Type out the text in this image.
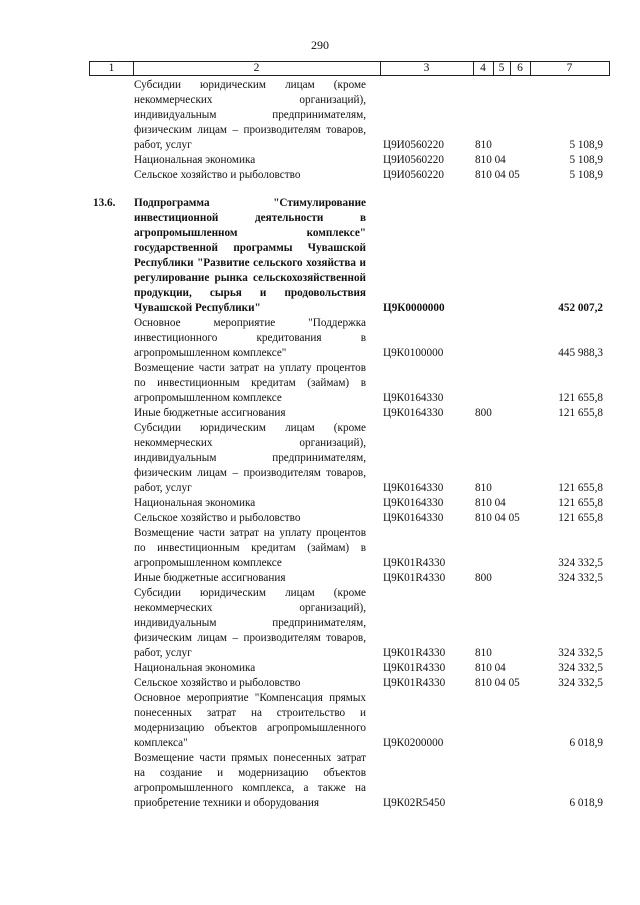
290
1	2	3	4	5	6	7
Субсидии юридическим лицам (кроме некоммерческих организаций), индивидуальным предпринимателям, физическим лицам – производителям товаров, работ, услуг	Ц9И0560220	810	5 108,9
Национальная экономика	Ц9И0560220	810 04	5 108,9
Сельское хозяйство и рыболовство	Ц9И0560220	810 04 05	5 108,9
13.6. Подпрограмма "Стимулирование инвестиционной деятельности в агропромышленном комплексе" государственной программы Чувашской Республики "Развитие сельского хозяйства и регулирование рынка сельскохозяйственной продукции, сырья и продовольствия Чувашской Республики"	Ц9К0000000	452 007,2
Основное мероприятие "Поддержка инвестиционного кредитования в агропромышленном комплексе"	Ц9К0100000	445 988,3
Возмещение части затрат на уплату процентов по инвестиционным кредитам (займам) в агропромышленном комплексе	Ц9К0164330	121 655,8
Иные бюджетные ассигнования	Ц9К0164330	800	121 655,8
Субсидии юридическим лицам (кроме некоммерческих организаций), индивидуальным предпринимателям, физическим лицам – производителям товаров, работ, услуг	Ц9К0164330	810	121 655,8
Национальная экономика	Ц9К0164330	810 04	121 655,8
Сельское хозяйство и рыболовство	Ц9К0164330	810 04 05	121 655,8
Возмещение части затрат на уплату процентов по инвестиционным кредитам (займам) в агропромышленном комплексе	Ц9К01R4330	324 332,5
Иные бюджетные ассигнования	Ц9К01R4330	800	324 332,5
Субсидии юридическим лицам (кроме некоммерческих организаций), индивидуальным предпринимателям, физическим лицам – производителям товаров, работ, услуг	Ц9К01R4330	810	324 332,5
Национальная экономика	Ц9К01R4330	810 04	324 332,5
Сельское хозяйство и рыболовство	Ц9К01R4330	810 04 05	324 332,5
Основное мероприятие "Компенсация прямых понесенных затрат на строительство и модернизацию объектов агропромышленного комплекса"	Ц9К0200000	6 018,9
Возмещение части прямых понесенных затрат на создание и модернизацию объектов агропромышленного комплекса, а также на приобретение техники и оборудования	Ц9К02R5450	6 018,9
